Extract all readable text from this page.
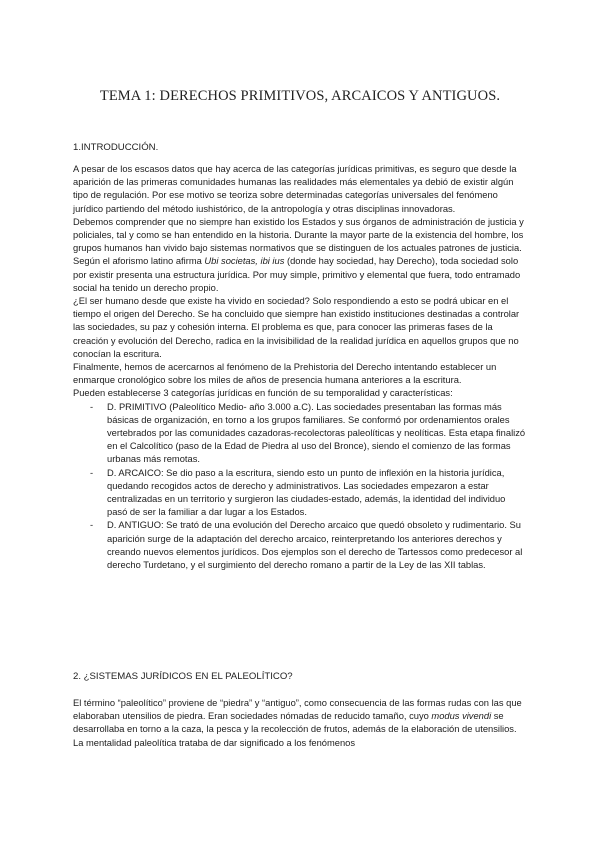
TEMA 1: DERECHOS PRIMITIVOS, ARCAICOS Y ANTIGUOS.
1.INTRODUCCIÓN.

A pesar de los escasos datos que hay acerca de las categorías jurídicas primitivas, es seguro que desde la aparición de las primeras comunidades humanas las realidades más elementales ya debió de existir algún tipo de regulación. Por ese motivo se teoriza sobre determinadas categorías universales del fenómeno jurídico partiendo del método iushistórico, de la antropología y otras disciplinas innovadoras.

Debemos comprender que no siempre han existido los Estados y sus órganos de administración de justicia y policiales, tal y como se han entendido en la historia. Durante la mayor parte de la existencia del hombre, los grupos humanos han vivido bajo sistemas normativos que se distinguen de los actuales patrones de justicia.

Según el aforismo latino afirma Ubi societas, ibi ius (donde hay sociedad, hay Derecho), toda sociedad solo por existir presenta una estructura jurídica. Por muy simple, primitivo y elemental que fuera, todo entramado social ha tenido un derecho propio.

¿El ser humano desde que existe ha vivido en sociedad? Solo respondiendo a esto se podrá ubicar en el tiempo el origen del Derecho. Se ha concluido que siempre han existido instituciones destinadas a controlar las sociedades, su paz y cohesión interna. El problema es que, para conocer las primeras fases de la creación y evolución del Derecho, radica en la invisibilidad de la realidad jurídica en aquellos grupos que no conocían la escritura.

Finalmente, hemos de acercarnos al fenómeno de la Prehistoria del Derecho intentando establecer un enmarque cronológico sobre los miles de años de presencia humana anteriores a la escritura.

Pueden establecerse 3 categorías jurídicas en función de su temporalidad y características:

- D. PRIMITIVO (Paleolítico Medio- año 3.000 a.C). Las sociedades presentaban las formas más básicas de organización, en torno a los grupos familiares. Se conformó por ordenamientos orales vertebrados por las comunidades cazadoras-recolectoras paleolíticas y neolíticas. Esta etapa finalizó en el Calcolítico (paso de la Edad de Piedra al uso del Bronce), siendo el comienzo de las formas urbanas más remotas.
- D. ARCAICO: Se dio paso a la escritura, siendo esto un punto de inflexión en la historia jurídica, quedando recogidos actos de derecho y administrativos. Las sociedades empezaron a estar centralizadas en un territorio y surgieron las ciudades-estado, además, la identidad del individuo pasó de ser la familiar a dar lugar a los Estados.
- D. ANTIGUO: Se trató de una evolución del Derecho arcaico que quedó obsoleto y rudimentario. Su aparición surge de la adaptación del derecho arcaico, reinterpretando los anteriores derechos y creando nuevos elementos jurídicos. Dos ejemplos son el derecho de Tartessos como predecesor al derecho Turdetano, y el surgimiento del derecho romano a partir de la Ley de las XII tablas.
2. ¿SISTEMAS JURÍDICOS EN EL PALEOLÍTICO?

El término “paleolítico” proviene de “piedra” y “antiguo”, como consecuencia de las formas rudas con las que elaboraban utensilios de piedra. Eran sociedades nómadas de reducido tamaño, cuyo modus vivendi se desarrollaba en torno a la caza, la pesca y la recolección de frutos, además de la elaboración de utensilios. La mentalidad paleolítica trataba de dar significado a los fenómenos
